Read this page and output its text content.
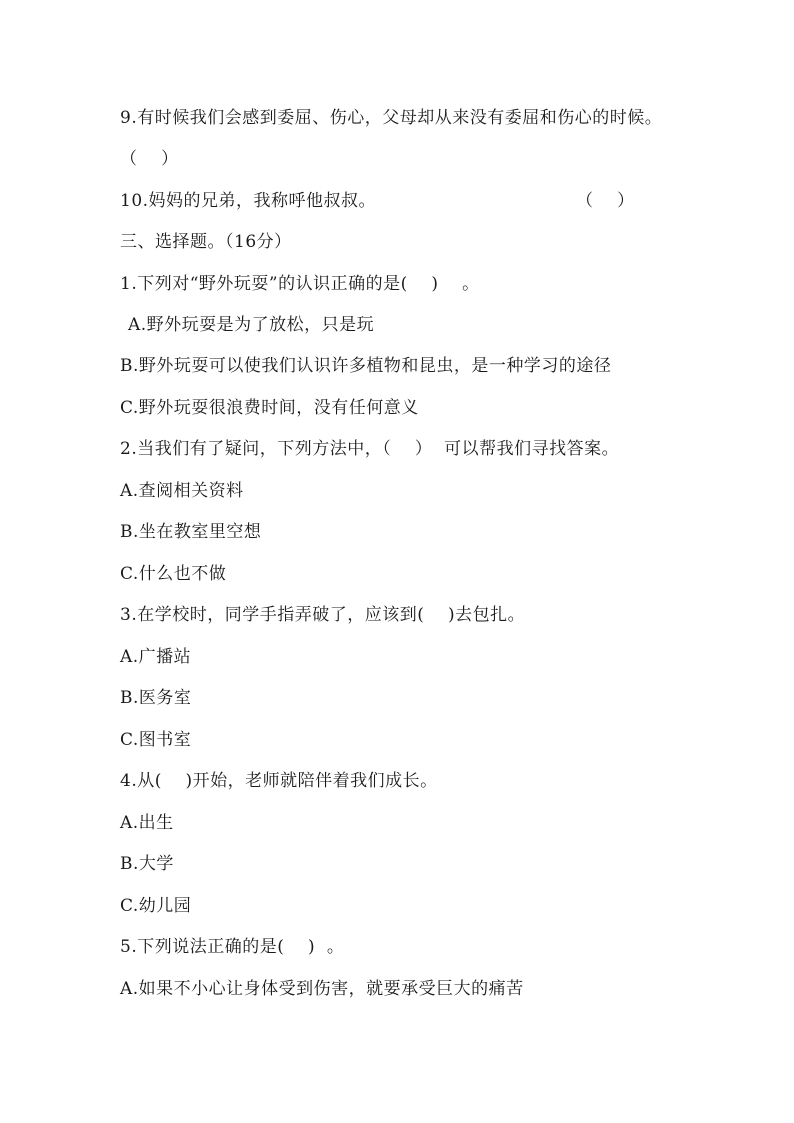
9.有时候我们会感到委屈、伤心，父母却从来没有委屈和伤心的时候。
（    ）
10.妈妈的兄弟，我称呼他叔叔。	（    ）
三、选择题。（16分）
1.下列对“野外玩耍”的认识正确的是(    )    。
A.野外玩耍是为了放松，只是玩
B.野外玩耍可以使我们认识许多植物和昆虫，是一种学习的途径
C.野外玩耍很浪费时间，没有任何意义
2.当我们有了疑问，下列方法中，（    ）  可以帮我们寻找答案。
A.查阅相关资料
B.坐在教室里空想
C.什么也不做
3.在学校时，同学手指弄破了，应该到(    )去包扎。
A.广播站
B.医务室
C.图书室
4.从(    )开始，老师就陪伴着我们成长。
A.出生
B.大学
C.幼儿园
5.下列说法正确的是(    )  。
A.如果不小心让身体受到伤害，就要承受巨大的痛苦
